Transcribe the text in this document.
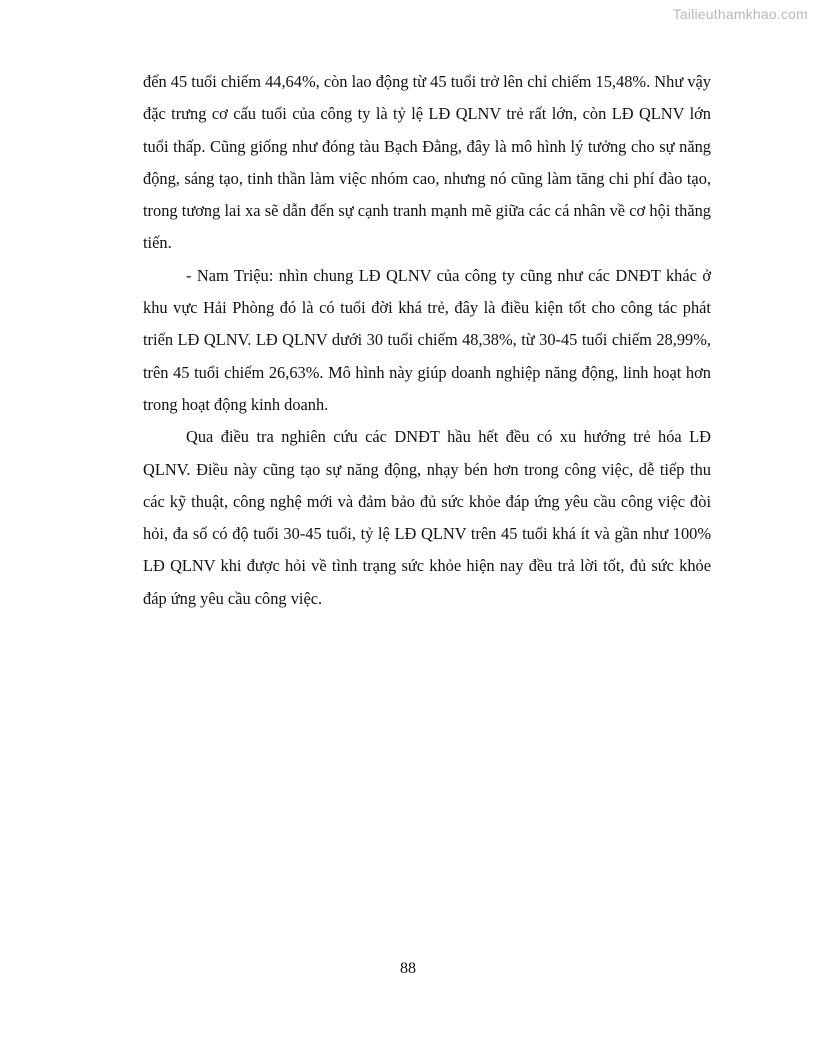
Tailieuthamkhao.com

đến 45 tuổi chiếm 44,64%, còn lao động từ 45 tuổi trở lên chỉ chiếm 15,48%. Như vậy đặc trưng cơ cấu tuổi của công ty là tỷ lệ LĐ QLNV trẻ rất lớn, còn LĐ QLNV lớn tuổi thấp. Cũng giống như đóng tàu Bạch Đằng, đây là mô hình lý tưởng cho sự năng động, sáng tạo, tinh thần làm việc nhóm cao, nhưng nó cũng làm tăng chi phí đào tạo, trong tương lai xa sẽ dẫn đến sự cạnh tranh mạnh mẽ giữa các cá nhân về cơ hội thăng tiến.

- Nam Triệu: nhìn chung LĐ QLNV của công ty cũng như các DNĐT khác ở khu vực Hải Phòng đó là có tuổi đời khá trẻ, đây là điều kiện tốt cho công tác phát triển LĐ QLNV. LĐ QLNV dưới 30 tuổi chiếm 48,38%, từ 30-45 tuổi chiếm 28,99%, trên 45 tuổi chiếm 26,63%. Mô hình này giúp doanh nghiệp năng động, linh hoạt hơn trong hoạt động kinh doanh.

Qua điều tra nghiên cứu các DNĐT hầu hết đều có xu hướng trẻ hóa LĐ QLNV. Điều này cũng tạo sự năng động, nhạy bén hơn trong công việc, dễ tiếp thu các kỹ thuật, công nghệ mới và đảm bảo đủ sức khỏe đáp ứng yêu cầu công việc đòi hỏi, đa số có độ tuổi 30-45 tuổi, tỷ lệ LĐ QLNV trên 45 tuổi khá ít và gần như 100% LĐ QLNV khi được hỏi về tình trạng sức khỏe hiện nay đều trả lời tốt, đủ sức khỏe đáp ứng yêu cầu công việc.

88
